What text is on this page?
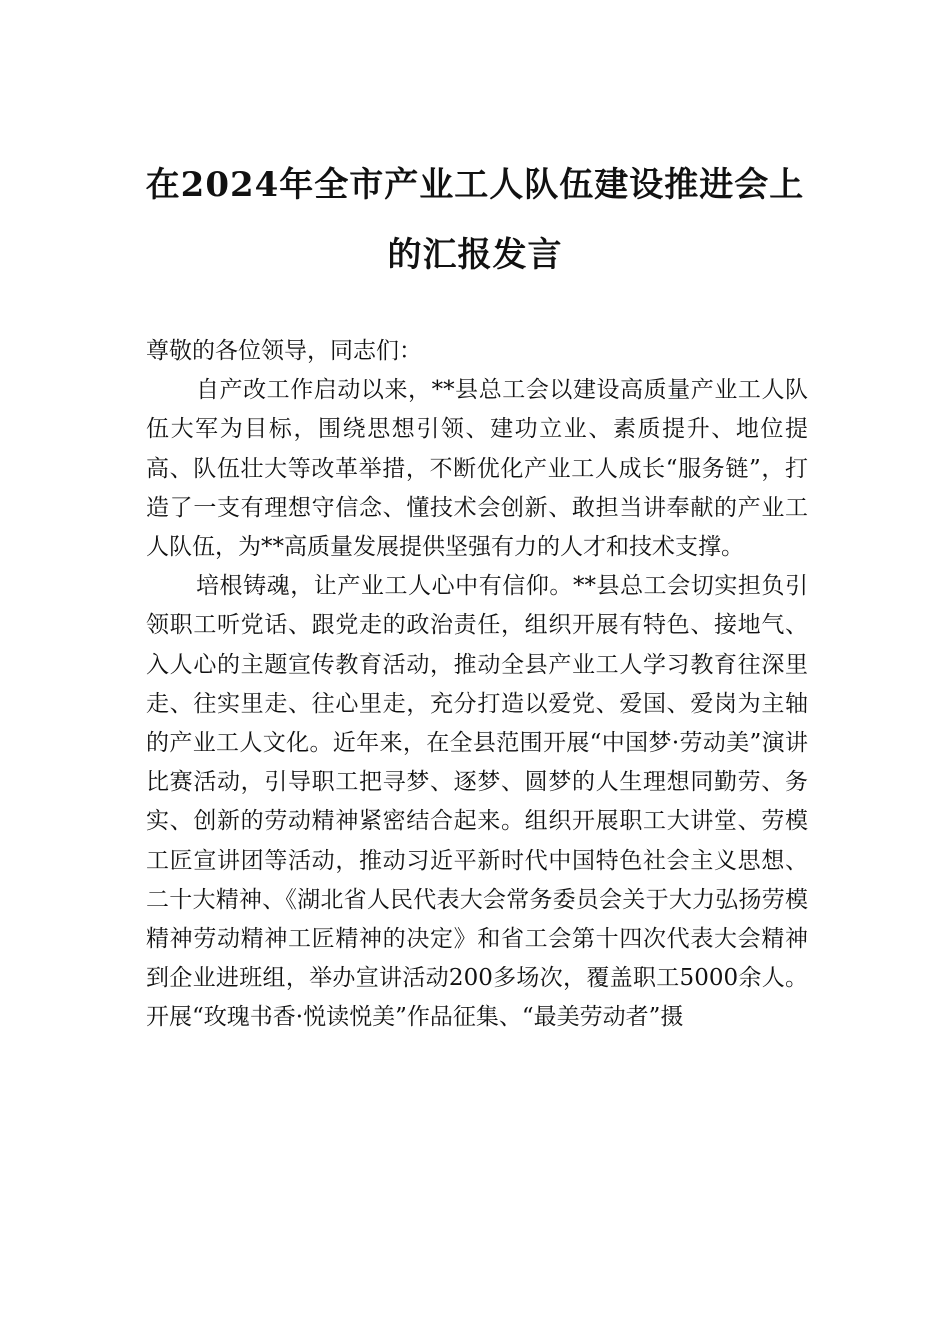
在2024年全市产业工人队伍建设推进会上
的汇报发言

尊敬的各位领导，同志们：

自产改工作启动以来，**县总工会以建设高质量产业工人队伍大军为目标，围绕思想引领、建功立业、素质提升、地位提高、队伍壮大等改革举措，不断优化产业工人成长“服务链”，打造了一支有理想守信念、懂技术会创新、敢担当讲奉献的产业工人队伍，为**高质量发展提供坚强有力的人才和技术支撑。

培根铸魂，让产业工人心中有信仰。**县总工会切实担负引领职工听党话、跟党走的政治责任，组织开展有特色、接地气、入人心的主题宣传教育活动，推动全县产业工人学习教育往深里走、往实里走、往心里走，充分打造以爱党、爱国、爱岗为主轴的产业工人文化。近年来，在全县范围开展“中国梦·劳动美”演讲比赛活动，引导职工把寻梦、逐梦、圆梦的人生理想同勤劳、务实、创新的劳动精神紧密结合起来。组织开展职工大讲堂、劳模工匠宣讲团等活动，推动习近平新时代中国特色社会主义思想、二十大精神、《湖北省人民代表大会常务委员会关于大力弘扬劳模精神劳动精神工匠精神的决定》和省工会第十四次代表大会精神到企业进班组，举办宣讲活动200多场次，覆盖职工5000余人。开展“玫瑰书香·悦读悦美”作品征集、“最美劳动者”摄
